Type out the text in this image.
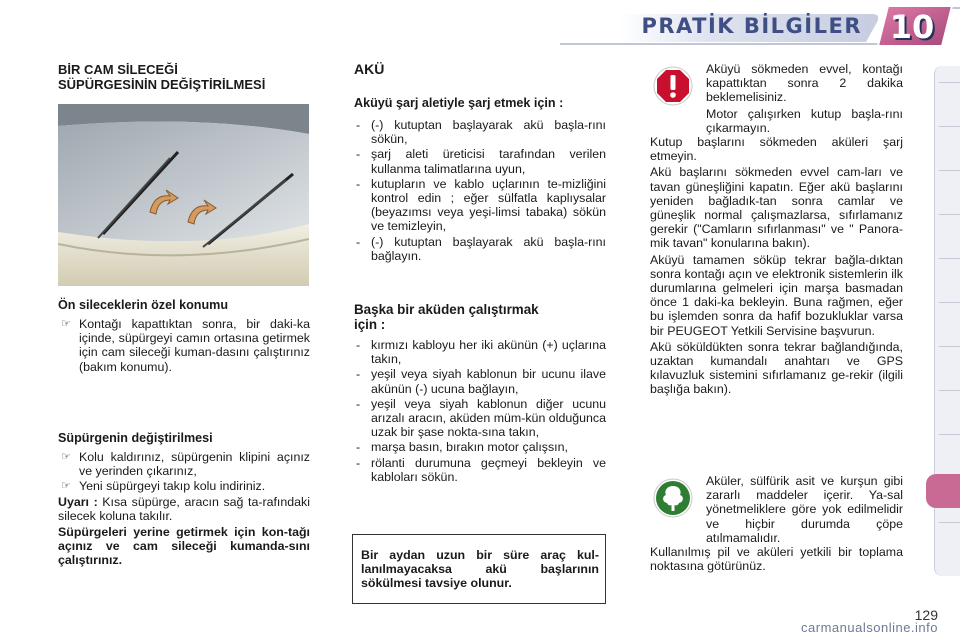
PRATİK BİLGİLER 10
BİR CAM SİLECEĞİ
SÜPÜRGESİNİN DEĞİŞTİRİLMESİ
Ön sileceklerin özel konumu
☞ Kontağı kapattıktan sonra, bir daki-ka içinde, süpürgeyi camın ortasına getirmek için cam sileceği kuman-dasını çalıştırınız (bakım konumu).
Süpürgenin değiştirilmesi
☞ Kolu kaldırınız, süpürgenin klipini açınız ve yerinden çıkarınız,
☞ Yeni süpürgeyi takıp kolu indiriniz.

Uyarı : Kısa süpürge, aracın sağ ta-rafındaki silecek koluna takılır.

Süpürgeleri yerine getirmek için kon-tağı açınız ve cam sileceği kumanda-sını çalıştırınız.

AKÜ
Aküyü şarj aletiyle şarj etmek için :
- (-) kutuptan başlayarak akü başla-rını sökün,
- şarj aleti üreticisi tarafından verilen kullanma talimatlarına uyun,
- kutupların ve kablo uçlarının te-mizliğini kontrol edin ; eğer sülfatla kaplıysalar (beyazımsı veya yeşi-limsi tabaka) sökün ve temizleyin,
- (-) kutuptan başlayarak akü başla-rını bağlayın.
Başka bir aküden çalıştırmak
için :
- kırmızı kabloyu her iki akünün (+) uçlarına takın,
- yeşil veya siyah kablonun bir ucunu ilave akünün (-) ucuna bağlayın,
- yeşil veya siyah kablonun diğer ucunu arızalı aracın, aküden müm-kün olduğunca uzak bir şase nokta-sına takın,
- marşa basın, bırakın motor çalışsın,
- rölanti durumuna geçmeyi bekleyin ve kabloları sökün.
Bir aydan uzun bir süre araç kul-lanılmayacaksa akü başlarının sökülmesi tavsiye olunur.

Aküyü sökmeden evvel, kontağı kapattıktan sonra 2 dakika beklemelisiniz.

Motor çalışırken kutup başla-rını çıkarmayın.

Kutup başlarını sökmeden aküleri şarj etmeyin.

Akü başlarını sökmeden evvel cam-ları ve tavan güneşliğini kapatın. Eğer akü başlarını yeniden bağladık-tan sonra camlar ve güneşlik normal çalışmazlarsa, sıfırlamanız gerekir ("Camların sıfırlanması" ve " Panora-mik tavan" konularına bakın).

Aküyü tamamen söküp tekrar bağla-dıktan sonra kontağı açın ve elektronik sistemlerin ilk durumlarına gelmeleri için marşa basmadan önce 1 daki-ka bekleyin. Buna rağmen, eğer bu işlemden sonra da hafif bozukluklar varsa bir PEUGEOT Yetkili Servisine başvurun.

Akü söküldükten sonra tekrar bağlandığında, uzaktan kumandalı anahtarı ve GPS kılavuzluk sistemini sıfırlamanız ge-rekir (ilgili başlığa bakın).

Aküler, sülfürik asit ve kurşun gibi zararlı maddeler içerir. Ya-sal yönetmeliklere göre yok edilmelidir ve hiçbir durumda çöpe atılmamalıdır.

Kullanılmış pil ve aküleri yetkili bir toplama noktasına götürünüz.

129
carmanualsonline.info
